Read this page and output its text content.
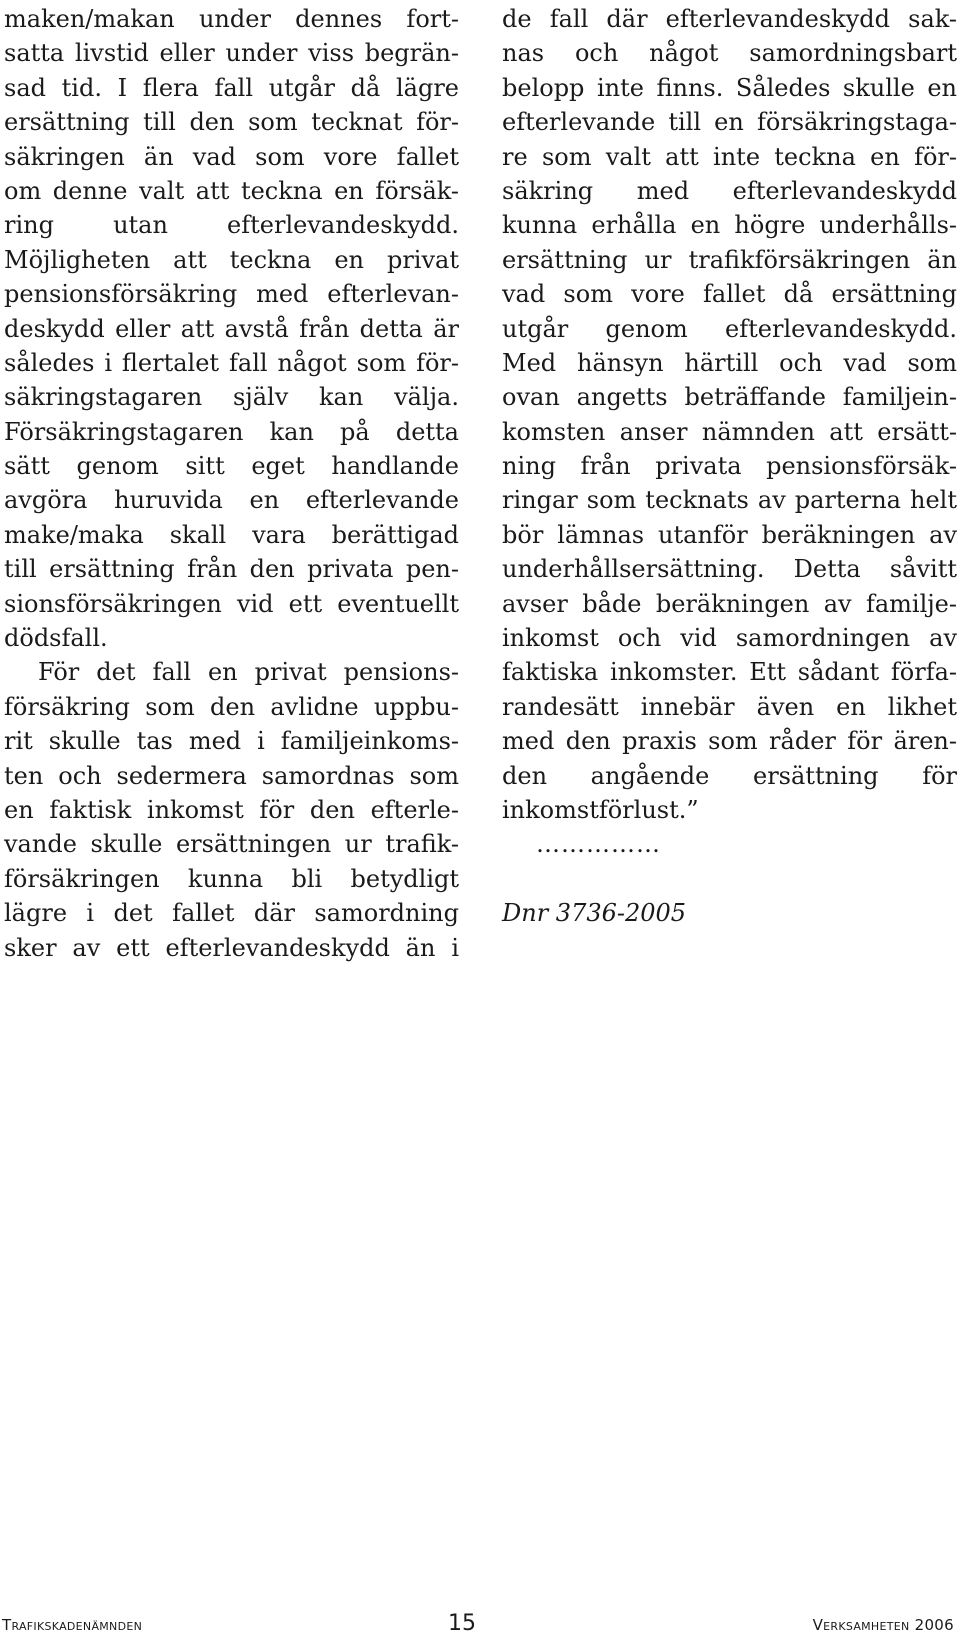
maken/makan under dennes fort-
satta livstid eller under viss begrän-
sad tid. I flera fall utgår då lägre
ersättning till den som tecknat för-
säkringen än vad som vore fallet
om denne valt att teckna en försäk-
ring utan efterlevandeskydd.
Möjligheten att teckna en privat
pensionsförsäkring med efterlevan-
deskydd eller att avstå från detta är
således i flertalet fall något som för-
säkringstagaren själv kan välja.
Försäkringstagaren kan på detta
sätt genom sitt eget handlande
avgöra huruvida en efterlevande
make/maka skall vara berättigad
till ersättning från den privata pen-
sionsförsäkringen vid ett eventuellt
dödsfall.
För det fall en privat pensions-
försäkring som den avlidne uppbu-
rit skulle tas med i familjeinkoms-
ten och sedermera samordnas som
en faktisk inkomst för den efterle-
vande skulle ersättningen ur trafik-
försäkringen kunna bli betydligt
lägre i det fallet där samordning
sker av ett efterlevandeskydd än i
de fall där efterlevandeskydd sak-
nas och något samordningsbart
belopp inte finns. Således skulle en
efterlevande till en försäkringstaga-
re som valt att inte teckna en för-
säkring med efterlevandeskydd
kunna erhålla en högre underhålls-
ersättning ur trafikförsäkringen än
vad som vore fallet då ersättning
utgår genom efterlevandeskydd.
Med hänsyn härtill och vad som
ovan angetts beträffande familjein-
komsten anser nämnden att ersätt-
ning från privata pensionsförsäk-
ringar som tecknats av parterna helt
bör lämnas utanför beräkningen av
underhållsersättning. Detta såvitt
avser både beräkningen av familje-
inkomst och vid samordningen av
faktiska inkomster. Ett sådant förfa-
randesätt innebär även en likhet
med den praxis som råder för ären-
den angående ersättning för
inkomstförlust.”
……………
Dnr 3736-2005
Trafikskadenämnden	15	Verksamheten 2006
